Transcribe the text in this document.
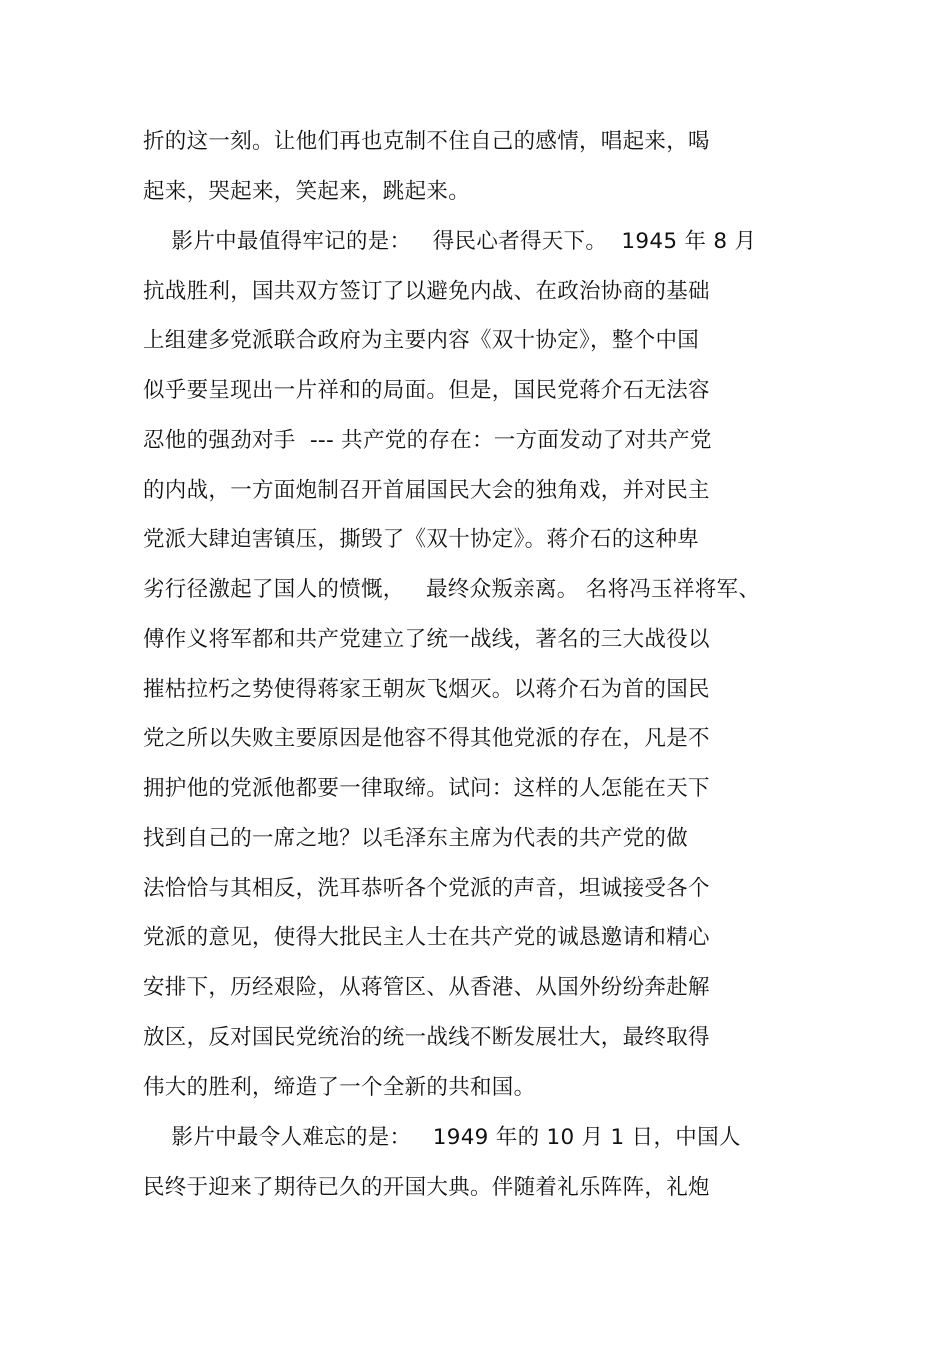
折的这一刻。让他们再也克制不住自己的感情，唱起来，喝
起来，哭起来，笑起来，跳起来。
影片中最值得牢记的是：   得民心者得天下。  1945 年 8 月
抗战胜利，国共双方签订了以避免内战、在政治协商的基础
上组建多党派联合政府为主要内容《双十协定》，整个中国
似乎要呈现出一片祥和的局面。但是，国民党蒋介石无法容
忍他的强劲对手  --- 共产党的存在：一方面发动了对共产党
的内战，一方面炮制召开首届国民大会的独角戏，并对民主
党派大肆迫害镇压，撕毁了《双十协定》。蒋介石的这种卑
劣行径激起了国人的愤慨，   最终众叛亲离。 名将冯玉祥将军、
傅作义将军都和共产党建立了统一战线，著名的三大战役以
摧枯拉朽之势使得蒋家王朝灰飞烟灭。以蒋介石为首的国民
党之所以失败主要原因是他容不得其他党派的存在，凡是不
拥护他的党派他都要一律取缔。试问：这样的人怎能在天下
找到自己的一席之地？以毛泽东主席为代表的共产党的做
法恰恰与其相反，洗耳恭听各个党派的声音，坦诚接受各个
党派的意见，使得大批民主人士在共产党的诚恳邀请和精心
安排下，历经艰险，从蒋管区、从香港、从国外纷纷奔赴解
放区，反对国民党统治的统一战线不断发展壮大，最终取得
伟大的胜利，缔造了一个全新的共和国。
影片中最令人难忘的是：   1949 年的 10 月 1 日，中国人
民终于迎来了期待已久的开国大典。伴随着礼乐阵阵，礼炮
